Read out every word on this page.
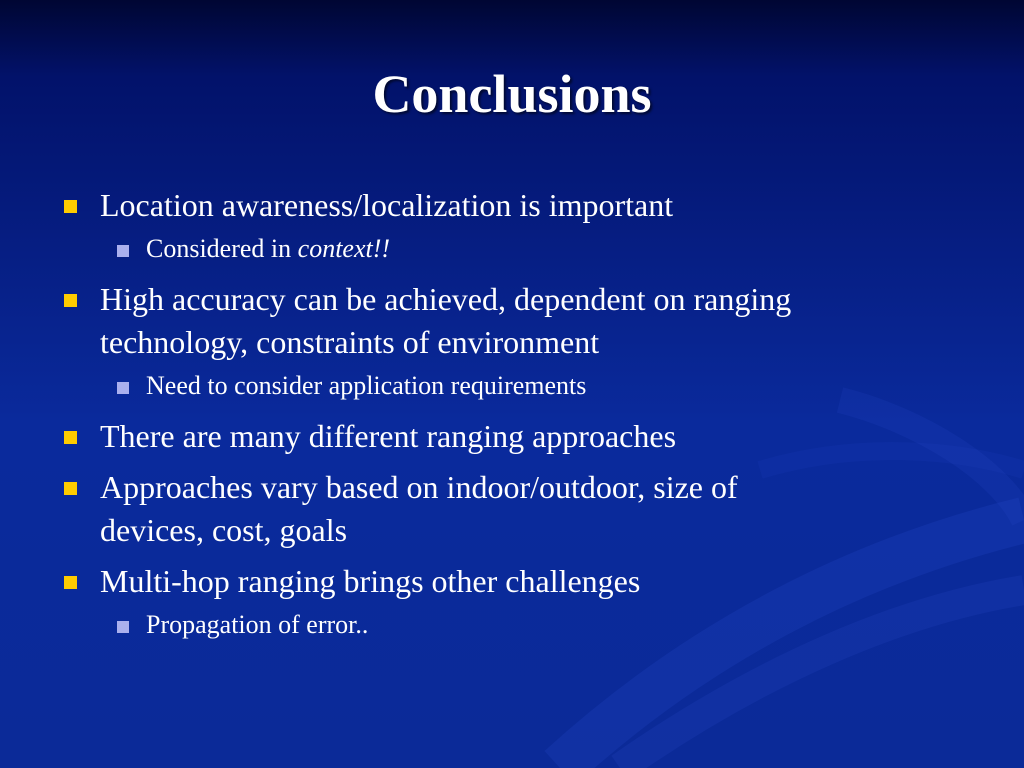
Conclusions
Location awareness/localization is important
Considered in context!!
High accuracy can be achieved, dependent on ranging
technology, constraints of environment
Need to consider application requirements
There are many different ranging approaches
Approaches vary based on indoor/outdoor, size of
devices, cost, goals
Multi-hop ranging brings other challenges
Propagation of error..
